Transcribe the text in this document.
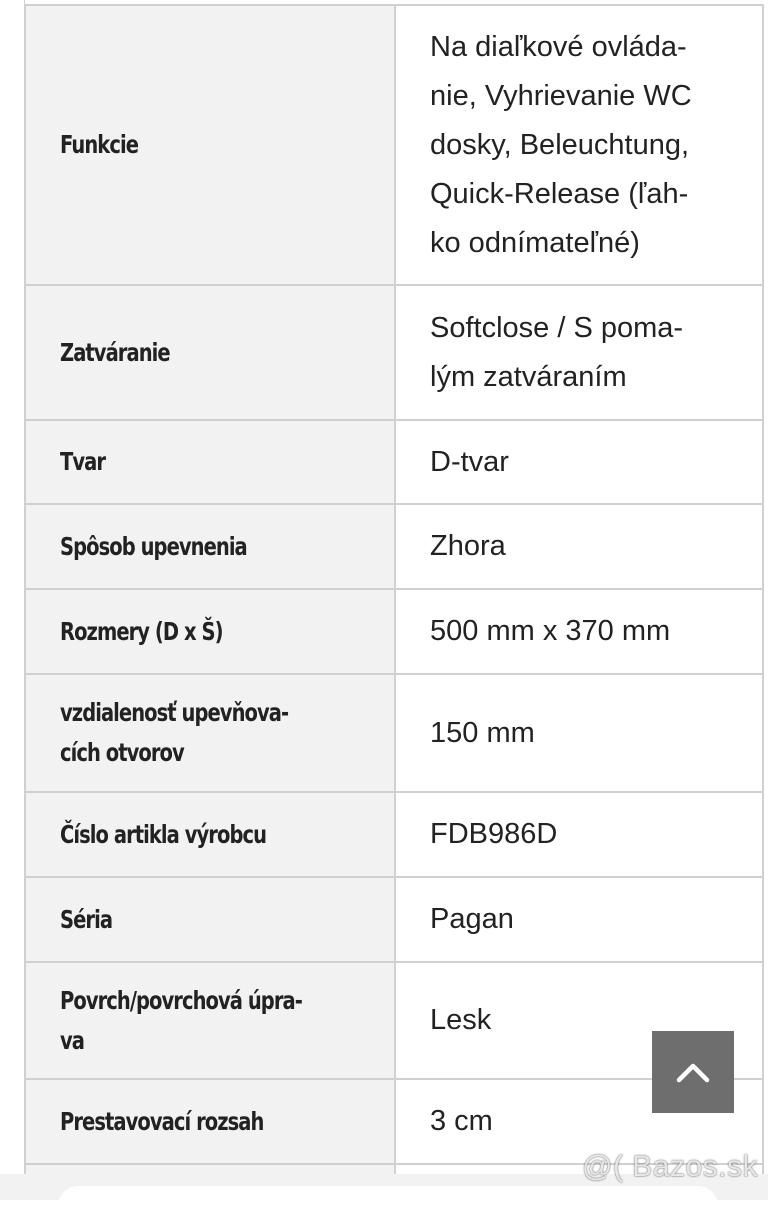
Funkcie	Na diaľkové ovláda-
nie, Vyhrievanie WC
dosky, Beleuchtung,
Quick-Release (ľah-
ko odnímateľné)
Zatváranie	Softclose / S poma-
lým zatváraním
Tvar	D-tvar
Spôsob upevnenia	Zhora
Rozmery (D x Š)	500 mm x 370 mm
vzdialenosť upevňova-
cích otvorov	150 mm
Číslo artikla výrobcu	FDB986D
Séria	Pagan
Povrch/povrchová úpra-
va	Lesk
Prestavovací rozsah	3 cm

@( Bazos.sk
